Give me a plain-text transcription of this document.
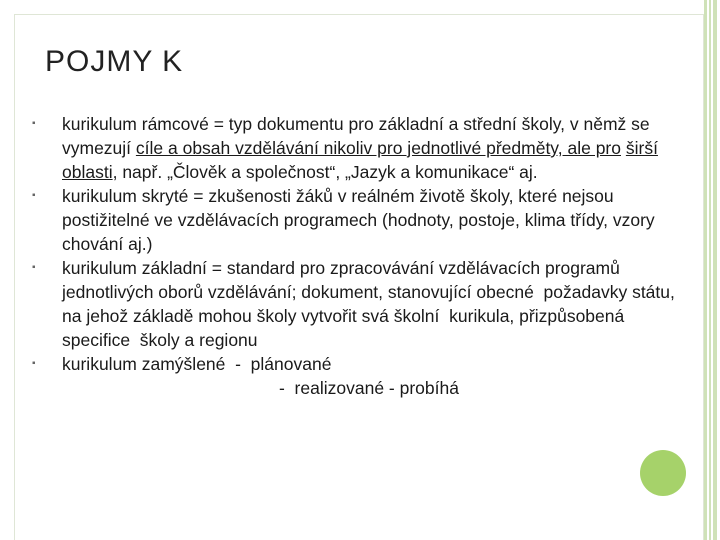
POJMY K
▪ kurikulum rámcové = typ dokumentu pro základní a střední školy, v němž se vymezují cíle a obsah vzdělávání nikoliv pro jednotlivé předměty, ale pro širší oblasti, např. „Člověk a společnost“, „Jazyk a komunikace“ aj.
▪ kurikulum skryté = zkušenosti žáků v reálném životě školy, které nejsou postižitelné ve vzdělávacích programech (hodnoty, postoje, klima třídy, vzory chování aj.)
▪ kurikulum základní = standard pro zpracovávání vzdělávacích programů    jednotlivých oborů vzdělávání; dokument, stanovující obecné  požadavky státu, na jehož základě mohou školy vytvořit svá školní  kurikula, přizpůsobená specifice  školy a regionu
▪ kurikulum zamýšlené  -  plánované
-  realizované - probíhá
